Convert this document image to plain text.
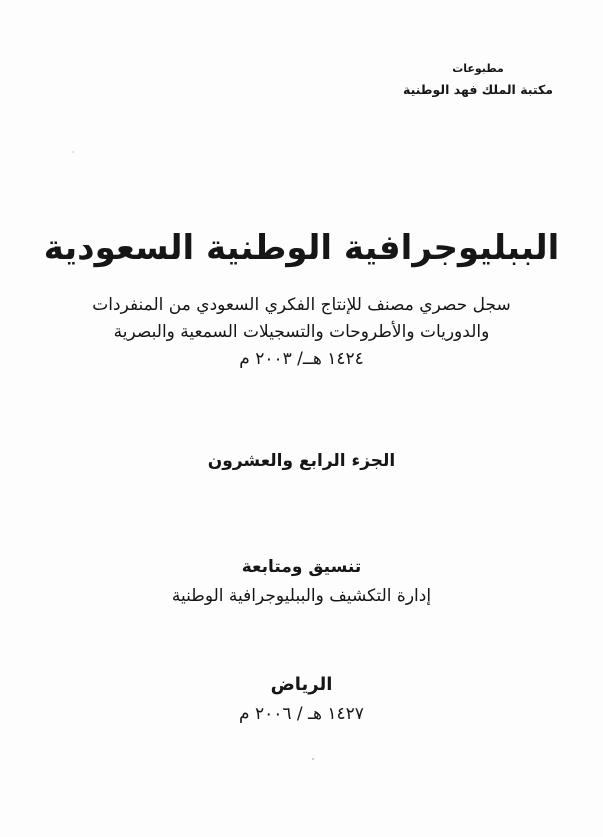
مطبوعات
مكتبة الملك فهد الوطنية
الببليوجرافية الوطنية السعودية
سجل حصري مصنف للإنتاج الفكري السعودي من المنفردات
والدوريات والأطروحات والتسجيلات السمعية والبصرية
١٤٢٤ هــ/ ٢٠٠٣ م
الجزء الرابع والعشرون
تنسيق ومتابعة
إدارة التكشيف والببليوجرافية الوطنية
الرياض
١٤٢٧ هـ / ٢٠٠٦ م
